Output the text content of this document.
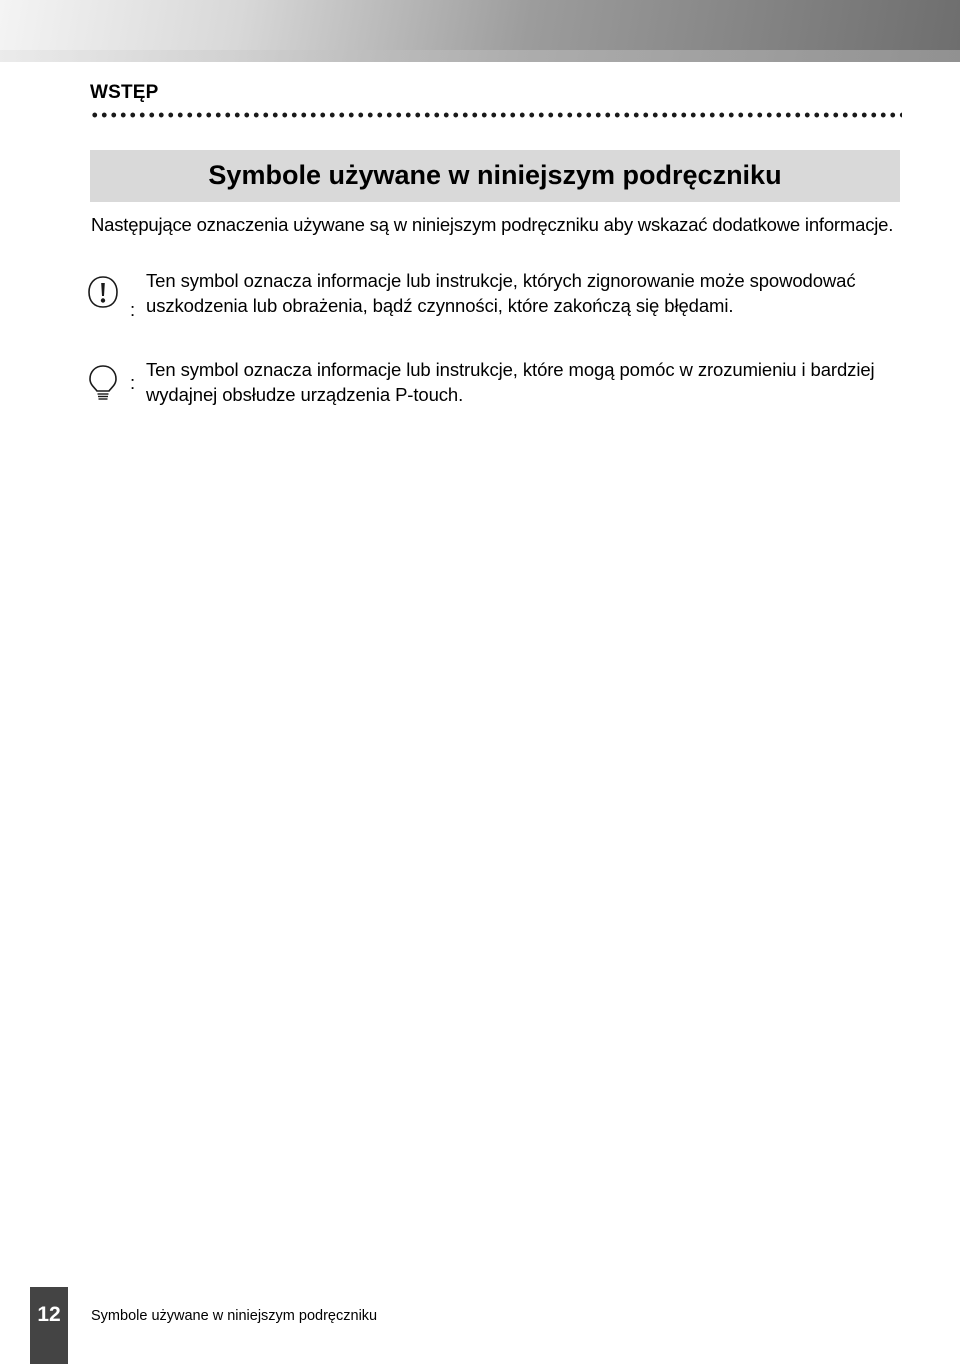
WSTĘP
Symbole używane w niniejszym podręczniku
Następujące oznaczenia używane są w niniejszym podręczniku aby wskazać dodatkowe informacje.
:
Ten symbol oznacza informacje lub instrukcje, których zignorowanie może spowodować uszkodzenia lub obrażenia, bądź czynności, które zakończą się błędami.
:
Ten symbol oznacza informacje lub instrukcje, które mogą pomóc w zrozumieniu i bardziej wydajnej obsłudze urządzenia P-touch.
12	Symbole używane w niniejszym podręczniku
